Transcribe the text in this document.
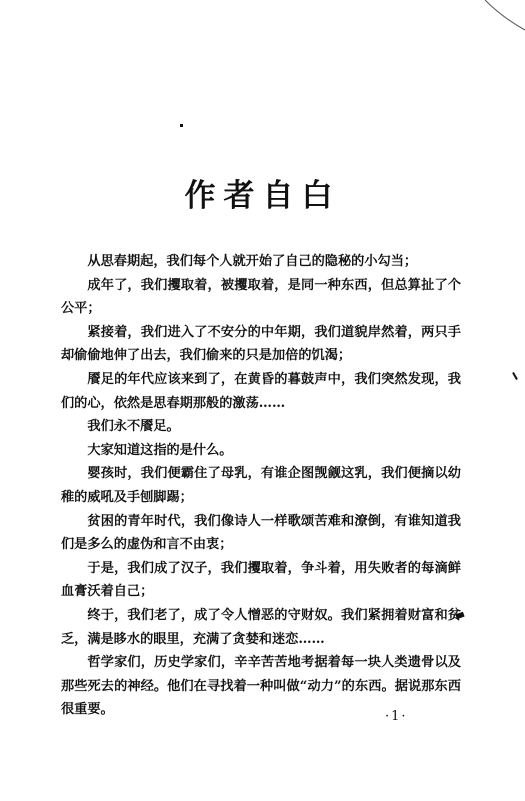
作者自白

从思春期起，我们每个人就开始了自己的隐秘的小勾当；

成年了，我们攫取着，被攫取着，是同一种东西，但总算扯了个公平；

紧接着，我们进入了不安分的中年期，我们道貌岸然着，两只手却偷偷地伸了出去，我们偷来的只是加倍的饥渴；

餍足的年代应该来到了，在黄昏的暮鼓声中，我们突然发现，我们的心，依然是思春期那般的激荡……

我们永不餍足。

大家知道这指的是什么。

婴孩时，我们便霸住了母乳，有谁企图觊觎这乳，我们便摘以幼稚的威吼及手刨脚踢；

贫困的青年时代，我们像诗人一样歌颂苦难和潦倒，有谁知道我们是多么的虚伪和言不由衷；

于是，我们成了汉子，我们攫取着，争斗着，用失败者的每滴鲜血膏沃着自己；

终于，我们老了，成了令人憎恶的守财奴。我们紧拥着财富和贫乏，满是眵水的眼里，充满了贪婪和迷恋……

哲学家们，历史学家们，辛辛苦苦地考据着每一块人类遗骨以及那些死去的神经。他们在寻找着一种叫做“动力”的东西。据说那东西很重要。	·1·
